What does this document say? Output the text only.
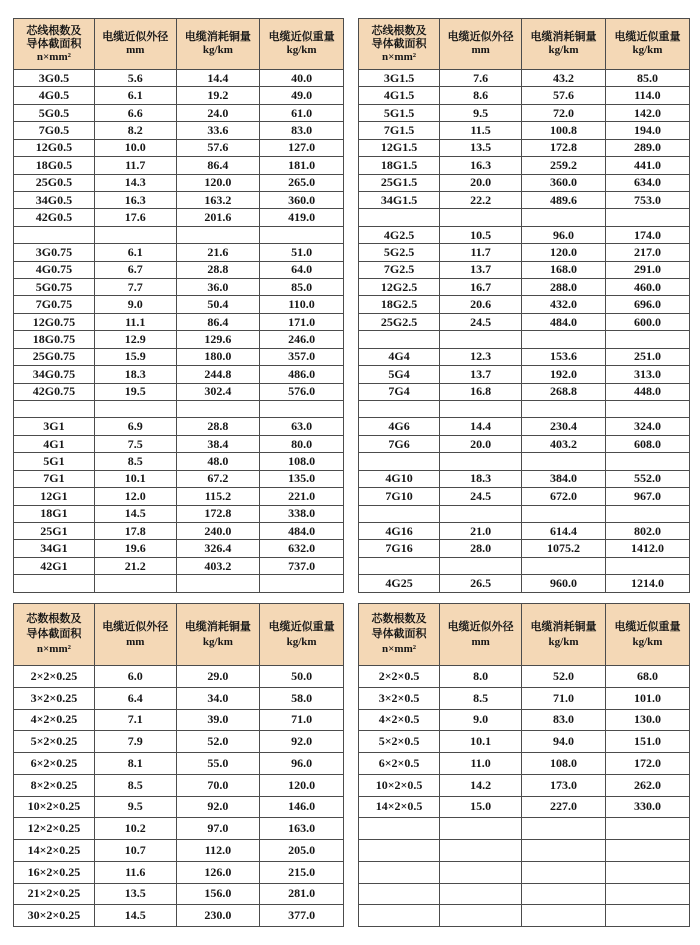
芯线根数及
导体截面积
n×mm²

电缆近似外径
mm

电缆消耗铜量
kg/km

电缆近似重量
kg/km

3G0.5	5.6	14.4	40.0
4G0.5	6.1	19.2	49.0
5G0.5	6.6	24.0	61.0
7G0.5	8.2	33.6	83.0
12G0.5	10.0	57.6	127.0
18G0.5	11.7	86.4	181.0
25G0.5	14.3	120.0	265.0
34G0.5	16.3	163.2	360.0
42G0.5	17.6	201.6	419.0

3G0.75	6.1	21.6	51.0
4G0.75	6.7	28.8	64.0
5G0.75	7.7	36.0	85.0
7G0.75	9.0	50.4	110.0
12G0.75	11.1	86.4	171.0
18G0.75	12.9	129.6	246.0
25G0.75	15.9	180.0	357.0
34G0.75	18.3	244.8	486.0
42G0.75	19.5	302.4	576.0

3G1	6.9	28.8	63.0
4G1	7.5	38.4	80.0
5G1	8.5	48.0	108.0
7G1	10.1	67.2	135.0
12G1	12.0	115.2	221.0
18G1	14.5	172.8	338.0
25G1	17.8	240.0	484.0
34G1	19.6	326.4	632.0
42G1	21.2	403.2	737.0

芯线根数及
导体截面积
n×mm²

电缆近似外径
mm

电缆消耗铜量
kg/km

电缆近似重量
kg/km

3G1.5	7.6	43.2	85.0
4G1.5	8.6	57.6	114.0
5G1.5	9.5	72.0	142.0
7G1.5	11.5	100.8	194.0
12G1.5	13.5	172.8	289.0
18G1.5	16.3	259.2	441.0
25G1.5	20.0	360.0	634.0
34G1.5	22.2	489.6	753.0

4G2.5	10.5	96.0	174.0
5G2.5	11.7	120.0	217.0
7G2.5	13.7	168.0	291.0
12G2.5	16.7	288.0	460.0
18G2.5	20.6	432.0	696.0
25G2.5	24.5	484.0	600.0

4G4	12.3	153.6	251.0
5G4	13.7	192.0	313.0
7G4	16.8	268.8	448.0

4G6	14.4	230.4	324.0
7G6	20.0	403.2	608.0

4G10	18.3	384.0	552.0
7G10	24.5	672.0	967.0

4G16	21.0	614.4	802.0
7G16	28.0	1075.2	1412.0

4G25	26.5	960.0	1214.0
芯数根数及
导体截面积
n×mm²

电缆近似外径
mm

电缆消耗铜量
kg/km

电缆近似重量
kg/km

2×2×0.25	6.0	29.0	50.0
3×2×0.25	6.4	34.0	58.0
4×2×0.25	7.1	39.0	71.0
5×2×0.25	7.9	52.0	92.0
6×2×0.25	8.1	55.0	96.0
8×2×0.25	8.5	70.0	120.0
10×2×0.25	9.5	92.0	146.0
12×2×0.25	10.2	97.0	163.0
14×2×0.25	10.7	112.0	205.0
16×2×0.25	11.6	126.0	215.0
21×2×0.25	13.5	156.0	281.0
30×2×0.25	14.5	230.0	377.0
芯数根数及
导体截面积
n×mm²

电缆近似外径
mm

电缆消耗铜量
kg/km

电缆近似重量
kg/km

2×2×0.5	8.0	52.0	68.0
3×2×0.5	8.5	71.0	101.0
4×2×0.5	9.0	83.0	130.0
5×2×0.5	10.1	94.0	151.0
6×2×0.5	11.0	108.0	172.0
10×2×0.5	14.2	173.0	262.0
14×2×0.5	15.0	227.0	330.0
